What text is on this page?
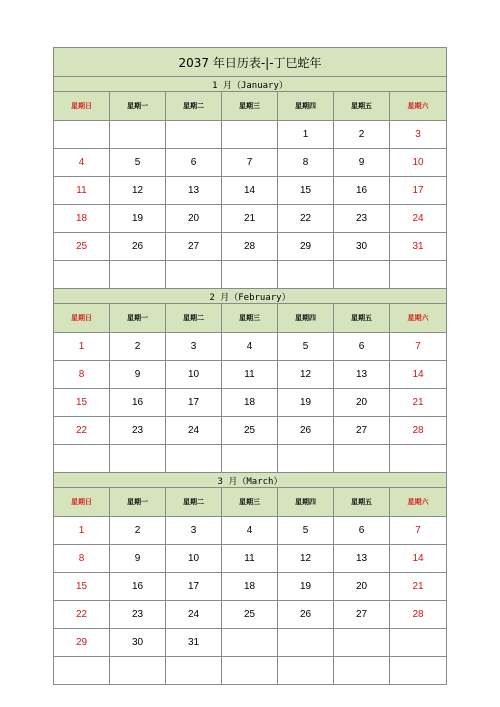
2037 年日历表-|-丁巳蛇年						
1 月（January）						
星期日	星期一	星期二	星期三	星期四	星期五	星期六
				1	2	3
4	5	6	7	8	9	10
11	12	13	14	15	16	17
18	19	20	21	22	23	24
25	26	27	28	29	30	31

2 月（February）						
星期日	星期一	星期二	星期三	星期四	星期五	星期六
1	2	3	4	5	6	7
8	9	10	11	12	13	14
15	16	17	18	19	20	21
22	23	24	25	26	27	28

3 月（March）						
星期日	星期一	星期二	星期三	星期四	星期五	星期六
1	2	3	4	5	6	7
8	9	10	11	12	13	14
15	16	17	18	19	20	21
22	23	24	25	26	27	28
29	30	31				
